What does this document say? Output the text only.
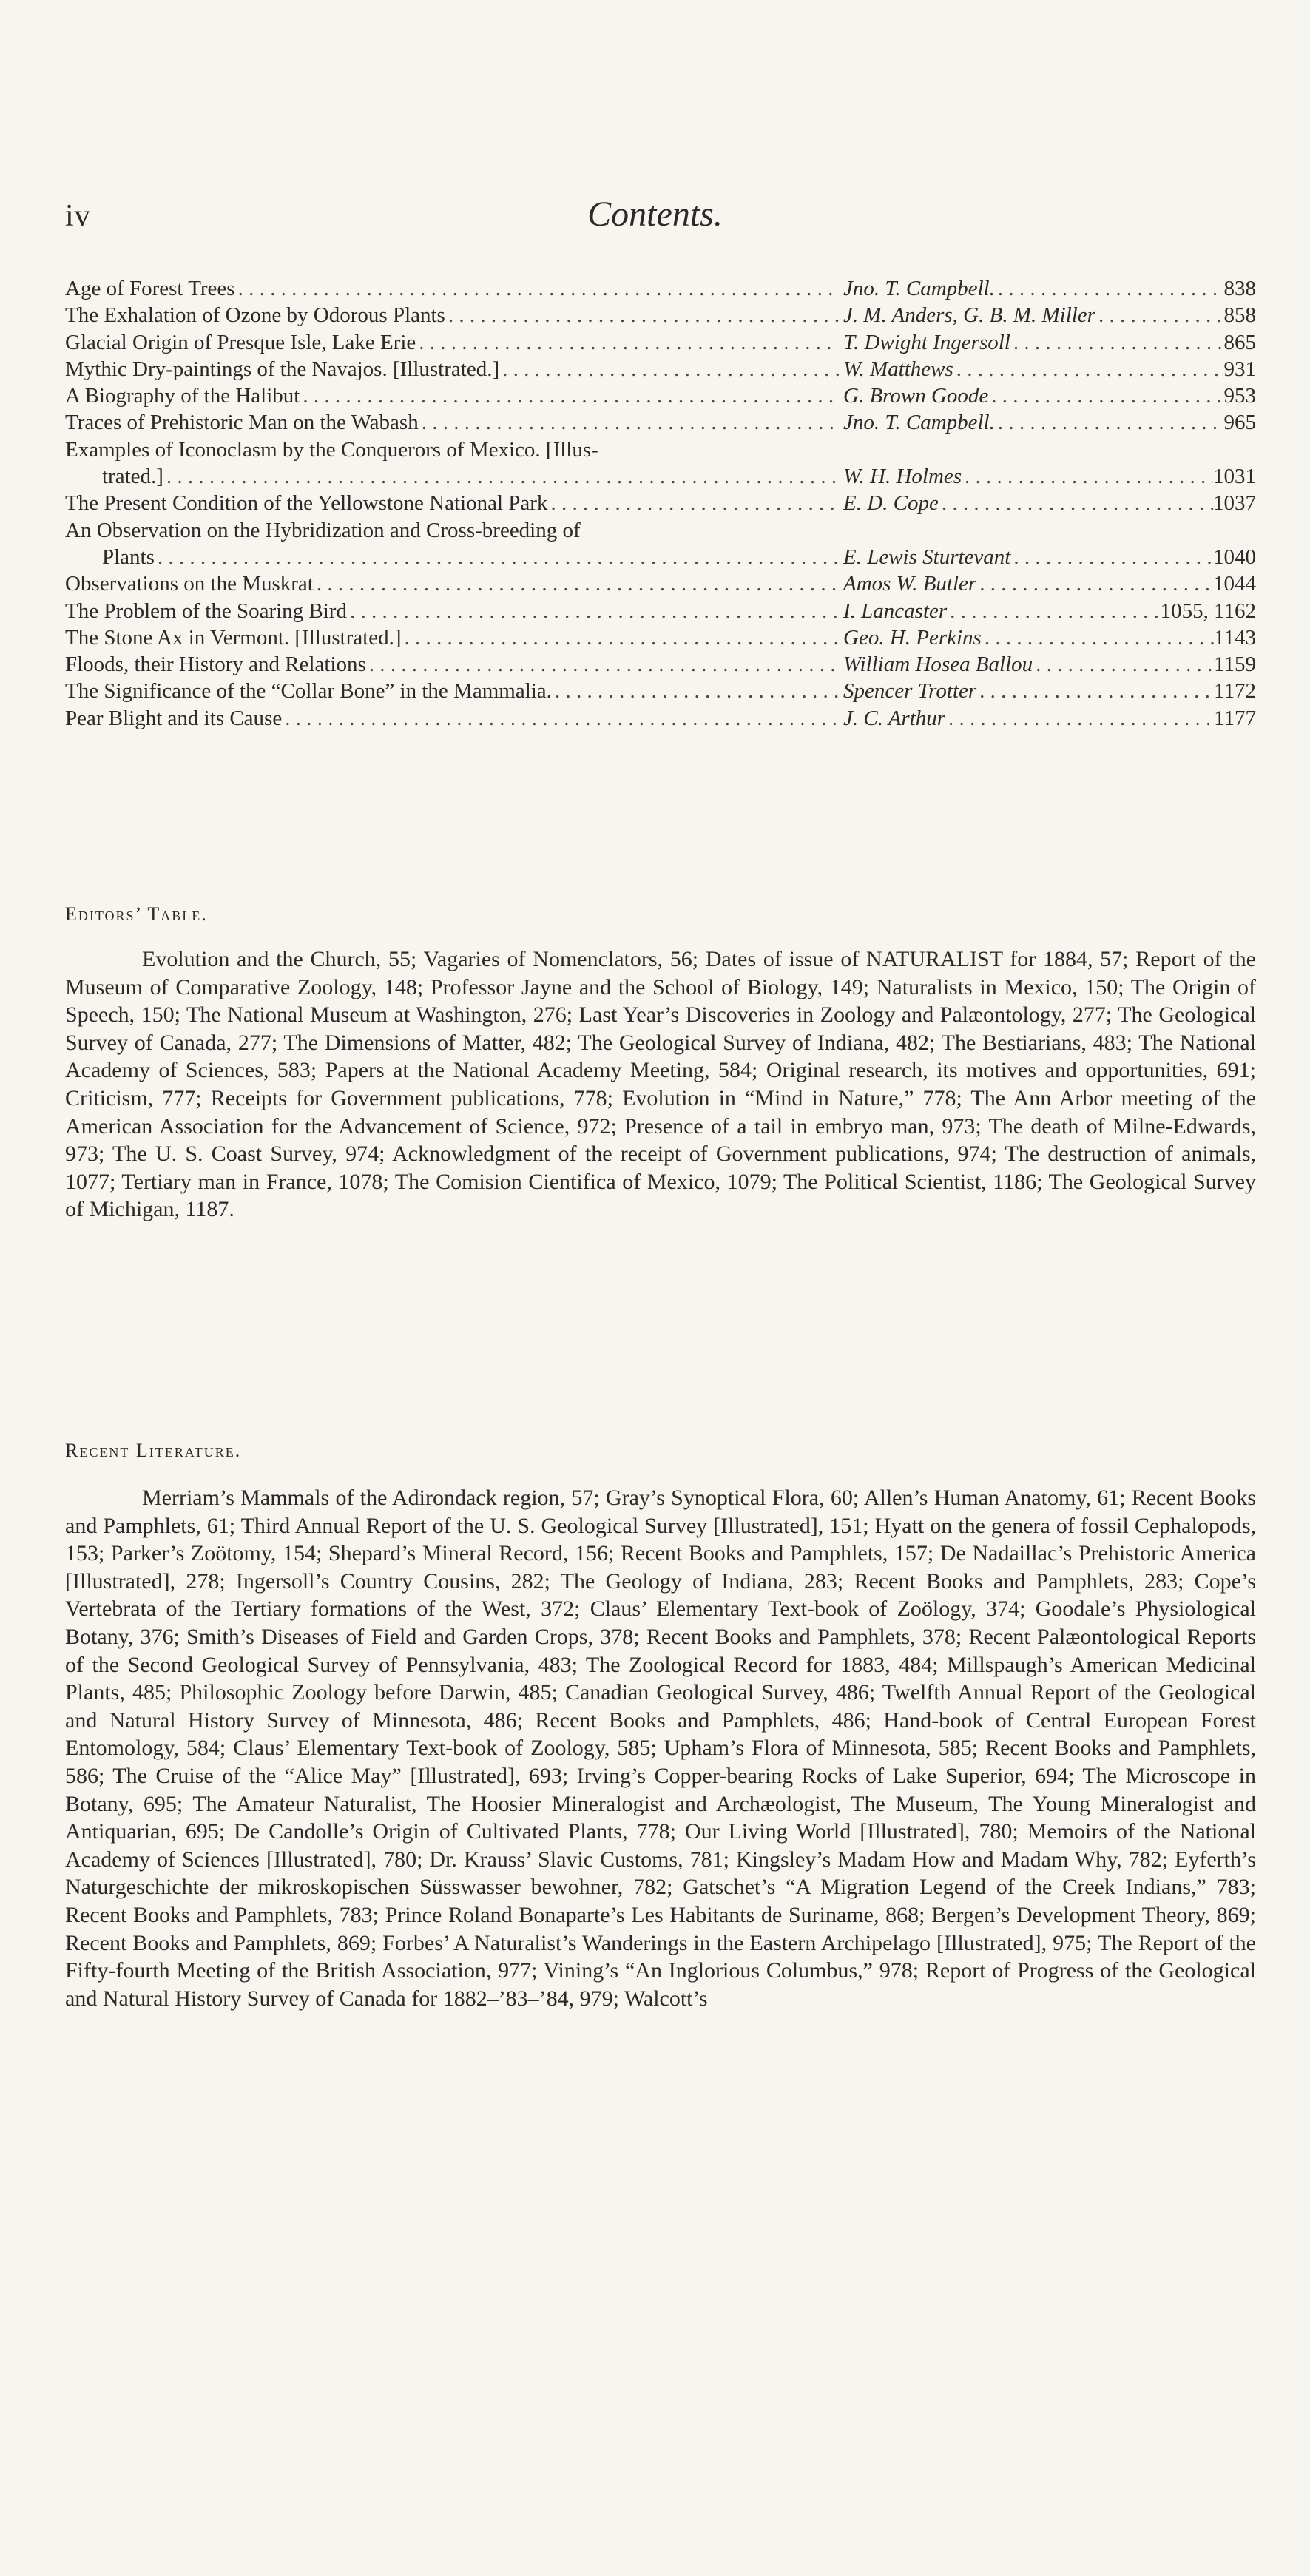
iv	Contents.
Age of Forest Trees . . .	Jno. T. Campbell. . . .	838
The Exhalation of Ozone by Odorous Plants . . .	J. M. Anders, G. B. M. Miller . . .	858
Glacial Origin of Presque Isle, Lake Erie . . .	T. Dwight Ingersoll . . .	865
Mythic Dry-paintings of the Navajos. [Illustrated.] . . .	W. Matthews . . .	931
A Biography of the Halibut . . .	G. Brown Goode . . .	953
Traces of Prehistoric Man on the Wabash . . .	Jno. T. Campbell. . . .	965
Examples of Iconoclasm by the Conquerors of Mexico. [Illus-
trated.] . . .	W. H. Holmes . . .	1031
The Present Condition of the Yellowstone National Park . . .	E. D. Cope . . .	1037
An Observation on the Hybridization and Cross-breeding of
Plants . . .	E. Lewis Sturtevant . . .	1040
Observations on the Muskrat . . .	Amos W. Butler . . .	1044
The Problem of the Soaring Bird . . .	I. Lancaster . . .	1055, 1162
The Stone Ax in Vermont. [Illustrated.] . . .	Geo. H. Perkins . . .	1143
Floods, their History and Relations . . .	William Hosea Ballou . . .	1159
The Significance of the “Collar Bone” in the Mammalia. . . .	Spencer Trotter . . .	1172
Pear Blight and its Cause . . .	J. C. Arthur . . .	1177
Editors’ Table.
Evolution and the Church, 55; Vagaries of Nomenclators, 56; Dates of issue of NATURALIST for 1884, 57; Report of the Museum of Comparative Zoology, 148; Professor Jayne and the School of Biology, 149; Naturalists in Mexico, 150; The Origin of Speech, 150; The National Museum at Washington, 276; Last Year’s Discoveries in Zoology and Palæontology, 277; The Geological Survey of Canada, 277; The Dimensions of Matter, 482; The Geological Survey of Indiana, 482; The Bestiarians, 483; The National Academy of Sciences, 583; Papers at the National Academy Meeting, 584; Original research, its motives and opportunities, 691; Criticism, 777; Receipts for Government publications, 778; Evolution in “Mind in Nature,” 778; The Ann Arbor meeting of the American Association for the Advancement of Science, 972; Presence of a tail in embryo man, 973; The death of Milne-Edwards, 973; The U. S. Coast Survey, 974; Acknowledgment of the receipt of Government publications, 974; The destruction of animals, 1077; Tertiary man in France, 1078; The Comision Cientifica of Mexico, 1079; The Political Scientist, 1186; The Geological Survey of Michigan, 1187.
Recent Literature.
Merriam’s Mammals of the Adirondack region, 57; Gray’s Synoptical Flora, 60; Allen’s Human Anatomy, 61; Recent Books and Pamphlets, 61; Third Annual Report of the U. S. Geological Survey [Illustrated], 151; Hyatt on the genera of fossil Cephalopods, 153; Parker’s Zoötomy, 154; Shepard’s Mineral Record, 156; Recent Books and Pamphlets, 157; De Nadaillac’s Prehistoric America [Illustrated], 278; Ingersoll’s Country Cousins, 282; The Geology of Indiana, 283; Recent Books and Pamphlets, 283; Cope’s Vertebrata of the Tertiary formations of the West, 372; Claus’ Elementary Text-book of Zoölogy, 374; Goodale’s Physiological Botany, 376; Smith’s Diseases of Field and Garden Crops, 378; Recent Books and Pamphlets, 378; Recent Palæontological Reports of the Second Geological Survey of Pennsylvania, 483; The Zoological Record for 1883, 484; Millspaugh’s American Medicinal Plants, 485; Philosophic Zoology before Darwin, 485; Canadian Geological Survey, 486; Twelfth Annual Report of the Geological and Natural History Survey of Minnesota, 486; Recent Books and Pamphlets, 486; Hand-book of Central European Forest Entomology, 584; Claus’ Elementary Text-book of Zoology, 585; Upham’s Flora of Minnesota, 585; Recent Books and Pamphlets, 586; The Cruise of the “Alice May” [Illustrated], 693; Irving’s Copper-bearing Rocks of Lake Superior, 694; The Microscope in Botany, 695; The Amateur Naturalist, The Hoosier Mineralogist and Archæologist, The Museum, The Young Mineralogist and Antiquarian, 695; De Candolle’s Origin of Cultivated Plants, 778; Our Living World [Illustrated], 780; Memoirs of the National Academy of Sciences [Illustrated], 780; Dr. Krauss’ Slavic Customs, 781; Kingsley’s Madam How and Madam Why, 782; Eyferth’s Naturgeschichte der mikroskopischen Süsswasser bewohner, 782; Gatschet’s “A Migration Legend of the Creek Indians,” 783; Recent Books and Pamphlets, 783; Prince Roland Bonaparte’s Les Habitants de Suriname, 868; Bergen’s Development Theory, 869; Recent Books and Pamphlets, 869; Forbes’ A Naturalist’s Wanderings in the Eastern Archipelago [Illustrated], 975; The Report of the Fifty-fourth Meeting of the British Association, 977; Vining’s “An Inglorious Columbus,” 978; Report of Progress of the Geological and Natural History Survey of Canada for 1882–’83–’84, 979; Walcott’s
